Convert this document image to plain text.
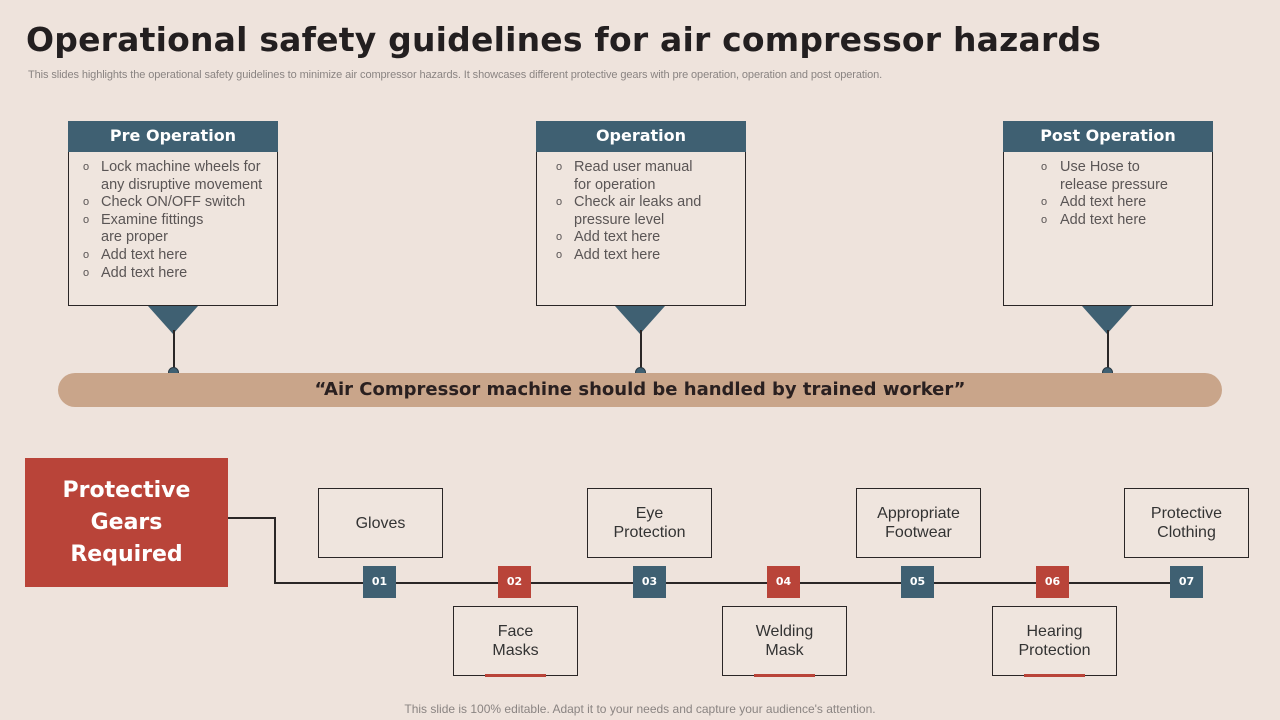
Operational safety guidelines for air compressor hazards
This slides highlights the operational safety guidelines to minimize air compressor hazards. It showcases different protective gears with pre operation, operation and post operation.
Pre Operation
o Lock machine wheels for any disruptive movement
o Check ON/OFF switch
o Examine fittings are proper
o Add text here
o Add text here
Operation
o Read user manual for operation
o Check air leaks and pressure level
o Add text here
o Add text here
Post Operation
o Use Hose to release pressure
o Add text here
o Add text here
“Air Compressor machine should be handled by trained worker”
Protective Gears Required
Gloves
Face Masks
Eye Protection
Welding Mask
Appropriate Footwear
Hearing Protection
Protective Clothing
01	02	03	04	05	06	07
This slide is 100% editable. Adapt it to your needs and capture your audience's attention.
